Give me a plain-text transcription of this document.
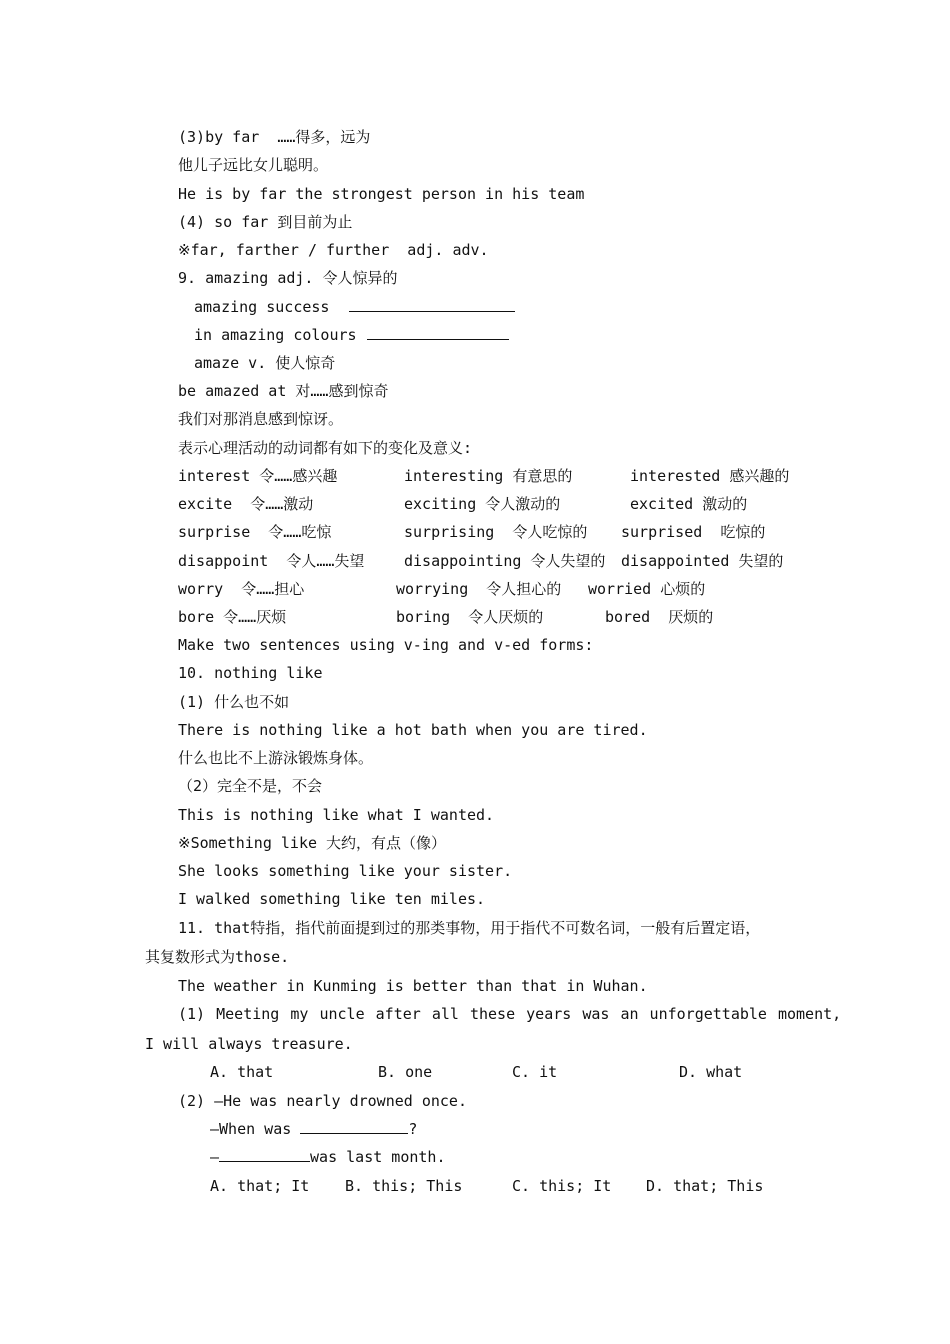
(3)by far  ……得多，远为
他儿子远比女儿聪明。
He is by far the strongest person in his team
(4) so far 到目前为止
※far, farther / further  adj. adv.
9. amazing adj. 令人惊异的
amazing success
in amazing colours
amaze v. 使人惊奇
be amazed at 对……感到惊奇
我们对那消息感到惊讶。
表示心理活动的动词都有如下的变化及意义:
interest 令……感兴趣	interesting 有意思的	interested 感兴趣的
excite  令……激动	exciting 令人激动的	excited 激动的
surprise  令……吃惊	surprising  令人吃惊的 surprised  吃惊的
disappoint  令人……失望	disappointing 令人失望的 disappointed 失望的
worry  令……担心	worrying  令人担心的 worried 心烦的
bore 令……厌烦	boring  令人厌烦的	bored  厌烦的
Make two sentences using v-ing and v-ed forms:
10. nothing like
(1) 什么也不如
There is nothing like a hot bath when you are tired.
什么也比不上游泳锻炼身体。
（2）完全不是，不会
This is nothing like what I wanted.
※Something like 大约，有点（像）
She looks something like your sister.
I walked something like ten miles.
11. that特指，指代前面提到过的那类事物，用于指代不可数名词，一般有后置定语，
其复数形式为those.
The weather in Kunming is better than that in Wuhan.
(1) Meeting my uncle after all these years was an unforgettable moment,
I will always treasure.
A. that	B. one	C. it	D. what
(2) —He was nearly drowned once.
—When was	?
—	was last month.
A. that; It B. this; This	C. this; It D. that; This
